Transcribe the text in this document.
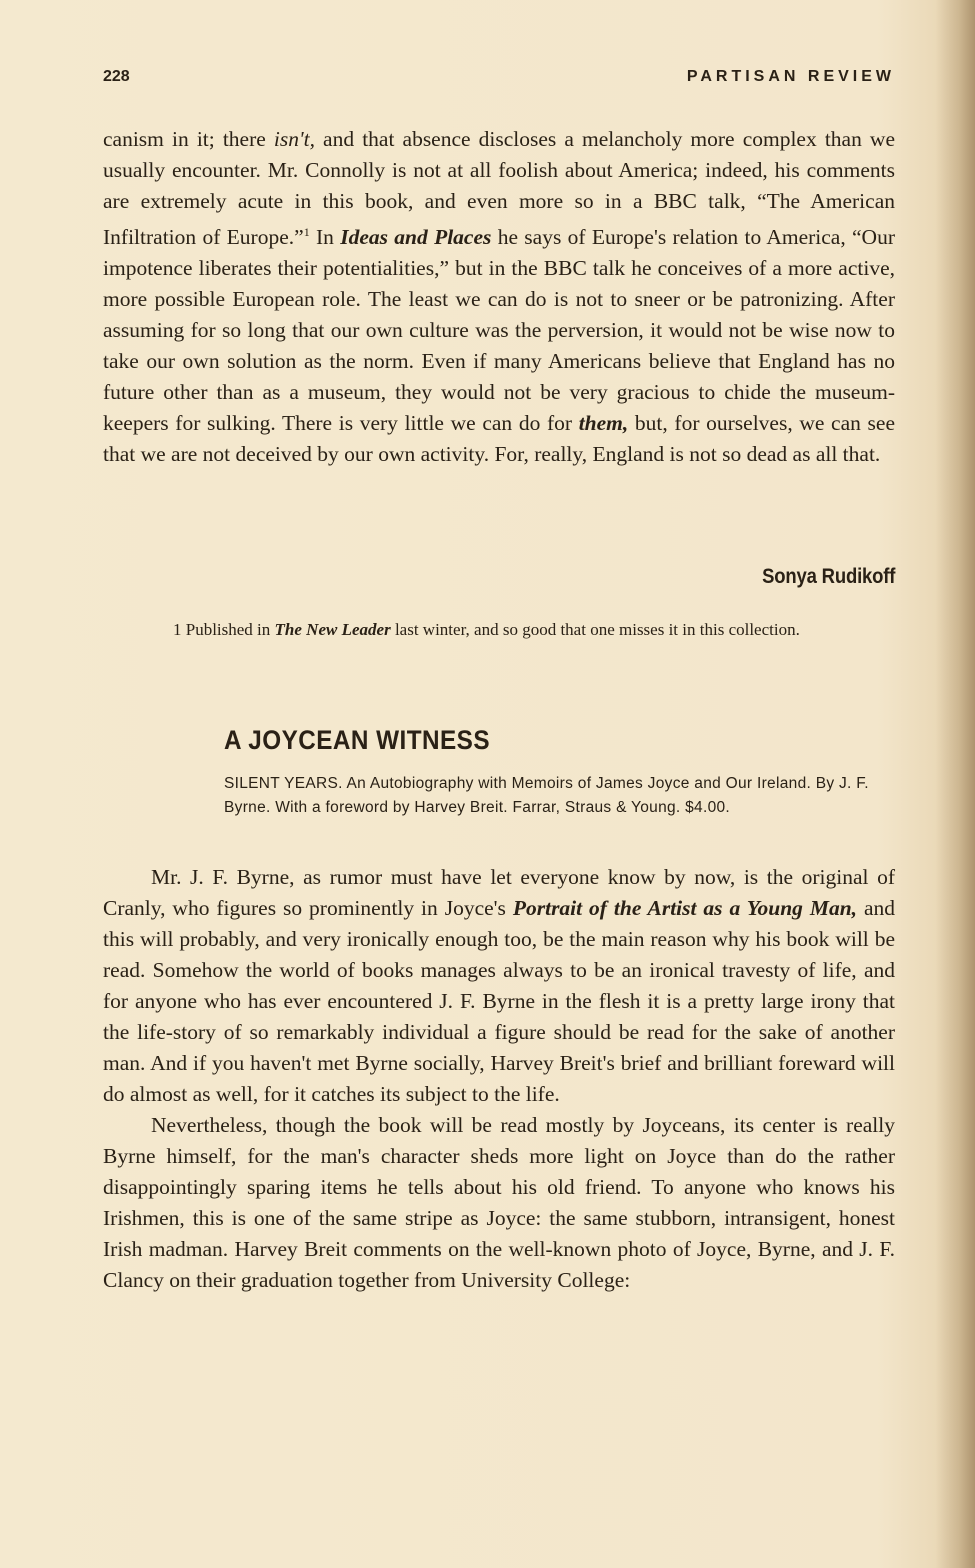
228	PARTISAN REVIEW

canism in it; there isn't, and that absence discloses a melancholy more complex than we usually encounter. Mr. Connolly is not at all foolish about America; indeed, his comments are extremely acute in this book, and even more so in a BBC talk, “The American Infiltration of Europe.”$^1$ In Ideas and Places he says of Europe's relation to America, “Our impotence liberates their potentialities,” but in the BBC talk he conceives of a more active, more possible European role. The least we can do is not to sneer or be patronizing. After assuming for so long that our own culture was the perversion, it would not be wise now to take our own solution as the norm. Even if many Americans believe that England has no future other than as a museum, they would not be very gracious to chide the museum-keepers for sulking. There is very little we can do for them, but, for ourselves, we can see that we are not deceived by our own activity. For, really, England is not so dead as all that.

Sonya Rudikoff
1 Published in The New Leader last winter, and so good that one misses it in this collection.
A JOYCEAN WITNESS
SILENT YEARS. An Autobiography with Memoirs of James Joyce and Our Ireland. By J. F. Byrne. With a foreword by Harvey Breit. Farrar, Straus & Young. $4.00.

Mr. J. F. Byrne, as rumor must have let everyone know by now, is the original of Cranly, who figures so prominently in Joyce's Portrait of the Artist as a Young Man, and this will probably, and very ironically enough too, be the main reason why his book will be read. Somehow the world of books manages always to be an ironical travesty of life, and for anyone who has ever encountered J. F. Byrne in the flesh it is a pretty large irony that the life-story of so remarkably individual a figure should be read for the sake of another man. And if you haven't met Byrne socially, Harvey Breit's brief and brilliant foreward will do almost as well, for it catches its subject to the life.

Nevertheless, though the book will be read mostly by Joyceans, its center is really Byrne himself, for the man's character sheds more light on Joyce than do the rather disappointingly sparing items he tells about his old friend. To anyone who knows his Irishmen, this is one of the same stripe as Joyce: the same stubborn, intransigent, honest Irish madman. Harvey Breit comments on the well-known photo of Joyce, Byrne, and J. F. Clancy on their graduation together from University College:
